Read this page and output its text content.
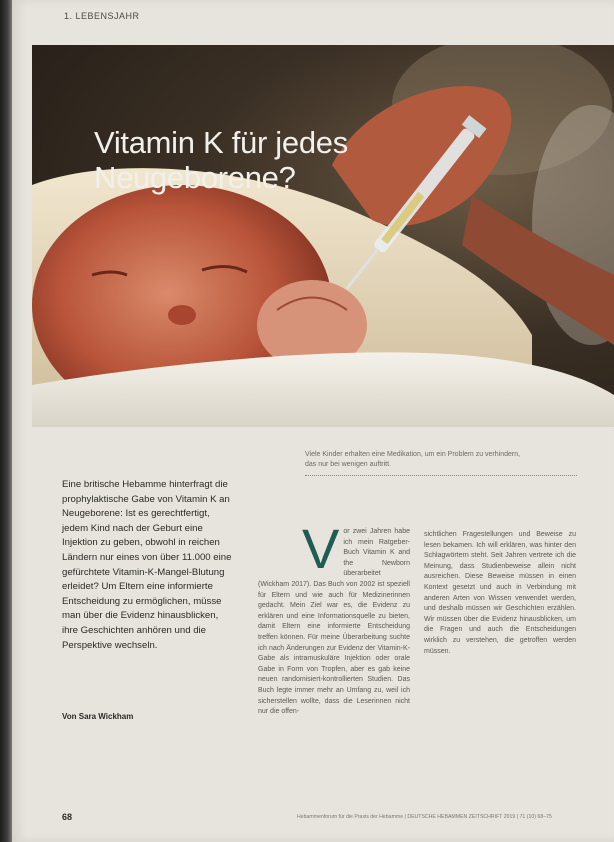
1. LEBENSJAHR
Vitamin K für jedes
Neugeborene?
Viele Kinder erhalten eine Medikation, um ein Problem zu verhindern,
das nur bei wenigen auftritt.
Eine britische Hebamme hinterfragt die prophylaktische Gabe von Vitamin K an Neugeborene: Ist es gerechtfertigt, jedem Kind nach der Geburt eine Injektion zu geben, obwohl in reichen Ländern nur eines von über 11.000 eine gefürchtete Vitamin-K-Mangel-Blutung erleidet? Um Eltern eine informierte Entscheidung zu ermöglichen, müsse man über die Evidenz hinausblicken, ihre Geschichten anhören und die Perspektive wechseln.
Von Sara Wickham
V or zwei Jahren habe ich mein Ratgeber-Buch Vitamin K and the Newborn überarbeitet (Wickham 2017). Das Buch von 2002 ist speziell für Eltern und wie auch für Medizinerinnen gedacht. Mein Ziel war es, die Evidenz zu erklären und eine Informationsquelle zu bieten, damit Eltern eine informierte Entscheidung treffen können. Für meine Überarbeitung suchte ich nach Änderungen zur Evidenz der Vitamin-K-Gabe als intramuskuläre Injektion oder orale Gabe in Form von Tropfen, aber es gab keine neuen randomisiert-kontrollierten Studien. Das Buch legte immer mehr an Umfang zu, weil ich sicherstellen wollte, dass die Leserinnen nicht nur die offen-
sichtlichen Fragestellungen und Beweise zu lesen bekamen. Ich will erklären, was hinter den Schlagwörtern steht. Seit Jahren vertrete ich die Meinung, dass Studienbeweise allein nicht ausreichen. Diese Beweise müssen in einen Kontext gesetzt und auch in Verbindung mit anderen Arten von Wissen verwendet werden, und deshalb müssen wir Geschichten erzählen. Wir müssen über die Evidenz hinausblicken, um die Fragen und auch die Entscheidungen wirklich zu verstehen, die getroffen werden müssen.
68	Hebammenforum für die Praxis der Hebamme | DEUTSCHE HEBAMMEN ZEITSCHRIFT 2019 | 71 (10) 68–75
